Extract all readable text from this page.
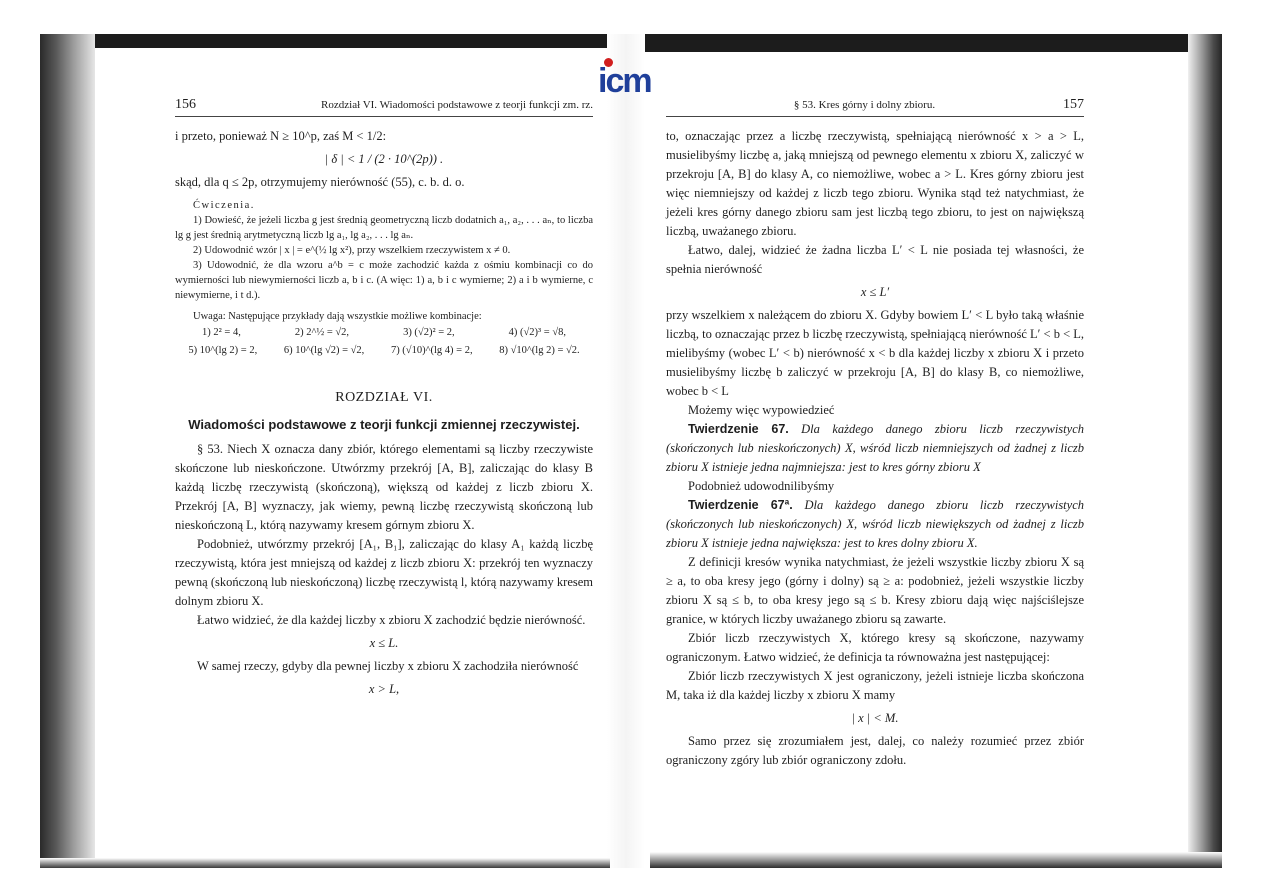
icm
156	Rozdział VI. Wiadomości podstawowe z teorji funkcji zm. rz.

i przeto, ponieważ N ≥ 10^p, zaś M < 1/2:

| δ | < 1 / (2 · 10^(2p)) .

skąd, dla q ≤ 2p, otrzymujemy nierówność (55), c. b. d. o.

Ćwiczenia.

1) Dowieść, że jeżeli liczba g jest średnią geometryczną liczb dodatnich a₁, a₂, . . . aₙ, to liczba lg g jest średnią arytmetyczną liczb lg a₁, lg a₂, . . . lg aₙ.

2) Udowodnić wzór | x | = e^(½ lg x²), przy wszelkiem rzeczywistem x ≠ 0.

3) Udowodnić, że dla wzoru a^b = c może zachodzić każda z ośmiu kombinacji co do wymierności lub niewymierności liczb a, b i c. (A więc: 1) a, b i c wymierne; 2) a i b wymierne, c niewymierne, i t d.).

Uwaga: Następujące przykłady dają wszystkie możliwe kombinacje:

1) 2² = 4,	2) 2^½ = √2,	3) (√2)² = 2,	4) (√2)³ = √8,
5) 10^(lg 2) = 2,	6) 10^(lg √2) = √2,	7) (√10)^(lg 4) = 2,	8) √10^(lg 2) = √2.
ROZDZIAŁ VI.
Wiadomości podstawowe z teorji funkcji zmiennej rzeczywistej.

§ 53. Niech X oznacza dany zbiór, którego elementami są liczby rzeczywiste skończone lub nieskończone. Utwórzmy przekrój [A, B], zaliczając do klasy B każdą liczbę rzeczywistą (skończoną), większą od każdej z liczb zbioru X. Przekrój [A, B] wyznaczy, jak wiemy, pewną liczbę rzeczywistą skończoną lub nieskończoną L, którą nazywamy kresem górnym zbioru X.

Podobnież, utwórzmy przekrój [A₁, B₁], zaliczając do klasy A₁ każdą liczbę rzeczywistą, która jest mniejszą od każdej z liczb zbioru X: przekrój ten wyznaczy pewną (skończoną lub nieskończoną) liczbę rzeczywistą l, którą nazywamy kresem dolnym zbioru X.

Łatwo widzieć, że dla każdej liczby x zbioru X zachodzić będzie nierówność.

x ≤ L.

W samej rzeczy, gdyby dla pewnej liczby x zbioru X zachodziła nierówność

x > L,

§ 53. Kres górny i dolny zbioru.	157

to, oznaczając przez a liczbę rzeczywistą, spełniającą nierówność x > a > L, musielibyśmy liczbę a, jaką mniejszą od pewnego elementu x zbioru X, zaliczyć w przekroju [A, B] do klasy A, co niemożliwe, wobec a > L. Kres górny zbioru jest więc niemniejszy od każdej z liczb tego zbioru. Wynika stąd też natychmiast, że jeżeli kres górny danego zbioru sam jest liczbą tego zbioru, to jest on największą liczbą, uważanego zbioru.

Łatwo, dalej, widzieć że żadna liczba L′ < L nie posiada tej własności, że spełnia nierówność

x ≤ L′

przy wszelkiem x należącem do zbioru X. Gdyby bowiem L′ < L było taką właśnie liczbą, to oznaczając przez b liczbę rzeczywistą, spełniającą nierówność L′ < b < L, mielibyśmy (wobec L′ < b) nierówność x < b dla każdej liczby x zbioru X i przeto musielibyśmy liczbę b zaliczyć w przekroju [A, B] do klasy B, co niemożliwe, wobec b < L

Możemy więc wypowiedzieć

Twierdzenie 67. Dla każdego danego zbioru liczb rzeczywistych (skończonych lub nieskończonych) X, wśród liczb niemniejszych od żadnej z liczb zbioru X istnieje jedna najmniejsza: jest to kres górny zbioru X

Podobnież udowodnilibyśmy

Twierdzenie 67ª. Dla każdego danego zbioru liczb rzeczywistych (skończonych lub nieskończonych) X, wśród liczb niewiększych od żadnej z liczb zbioru X istnieje jedna największa: jest to kres dolny zbioru X.

Z definicji kresów wynika natychmiast, że jeżeli wszystkie liczby zbioru X są ≥ a, to oba kresy jego (górny i dolny) są ≥ a: podobnież, jeżeli wszystkie liczby zbioru X są ≤ b, to oba kresy jego są ≤ b. Kresy zbioru dają więc najściślejsze granice, w których liczby uważanego zbioru są zawarte.

Zbiór liczb rzeczywistych X, którego kresy są skończone, nazywamy ograniczonym. Łatwo widzieć, że definicja ta równoważna jest następującej:

Zbiór liczb rzeczywistych X jest ograniczony, jeżeli istnieje liczba skończona M, taka iż dla każdej liczby x zbioru X mamy

| x | < M.

Samo przez się zrozumiałem jest, dalej, co należy rozumieć przez zbiór ograniczony zgóry lub zbiór ograniczony zdołu.
